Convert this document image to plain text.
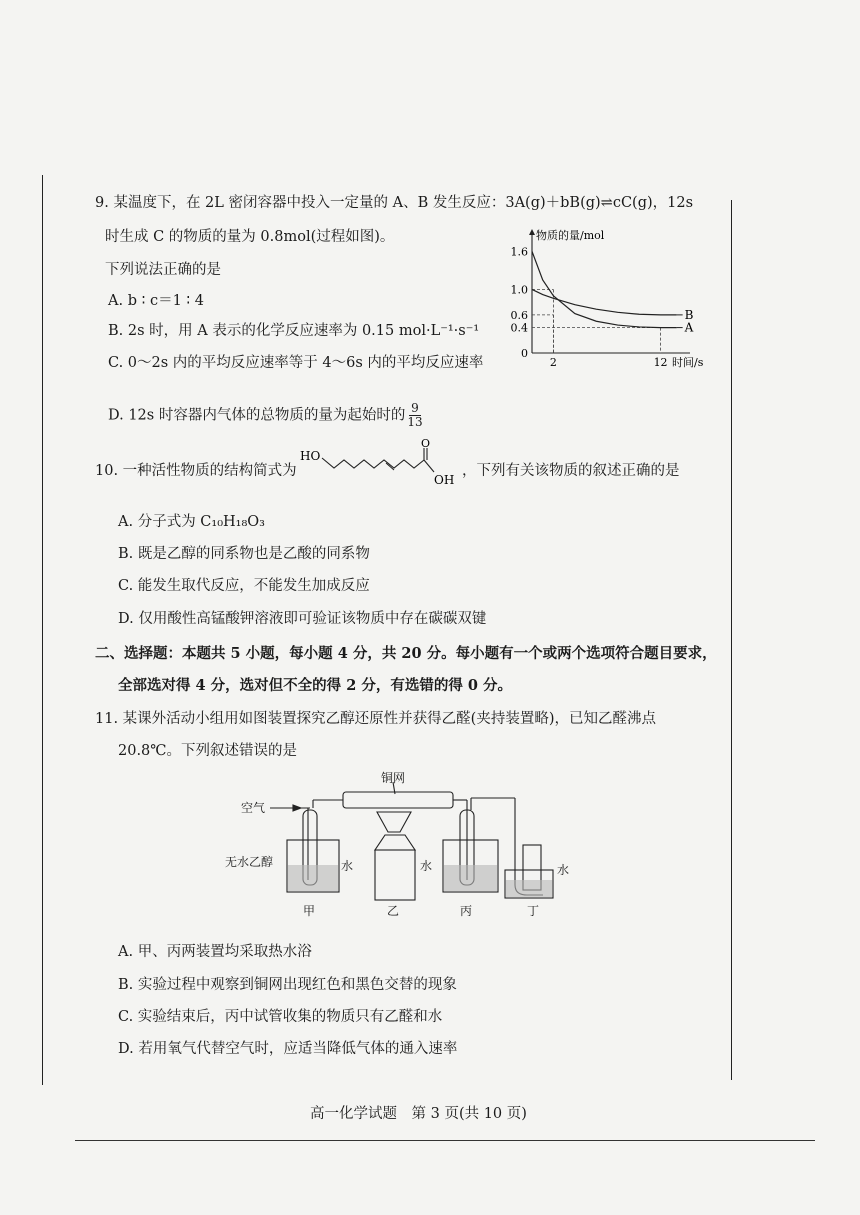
9. 某温度下，在 2L 密闭容器中投入一定量的 A、B 发生反应：3A(g)＋bB(g)⇌cC(g)，12s
时生成 C 的物质的量为 0.8mol(过程如图)。
下列说法正确的是
A. b ∶ c＝1 ∶ 4
B. 2s 时，用 A 表示的化学反应速率为 0.15 mol·L⁻¹·s⁻¹
C. 0～2s 内的平均反应速率等于 4～6s 内的平均反应速率
D. 12s 时容器内气体的总物质的量为起始时的 $\frac{9}{13}$
物质的量/mol
时间/s
1.6
1.0
0.6
0.4
0
2	12
A
B
10. 一种活性物质的结构简式为
HO
O
OH
，下列有关该物质的叙述正确的是
A. 分子式为 C₁₀H₁₈O₃
B. 既是乙醇的同系物也是乙酸的同系物
C. 能发生取代反应，不能发生加成反应
D. 仅用酸性高锰酸钾溶液即可验证该物质中存在碳碳双键
二、选择题：本题共 5 小题，每小题 4 分，共 20 分。每小题有一个或两个选项符合题目要求，
全部选对得 4 分，选对但不全的得 2 分，有选错的得 0 分。
11. 某课外活动小组用如图装置探究乙醇还原性并获得乙醛(夹持装置略)，已知乙醛沸点
20.8℃。下列叙述错误的是
空气
铜网
无水乙醇	水	水	水
甲	乙	丙	丁
A. 甲、丙两装置均采取热水浴
B. 实验过程中观察到铜网出现红色和黑色交替的现象
C. 实验结束后，丙中试管收集的物质只有乙醛和水
D. 若用氧气代替空气时，应适当降低气体的通入速率
高一化学试题　第 3 页(共 10 页)
